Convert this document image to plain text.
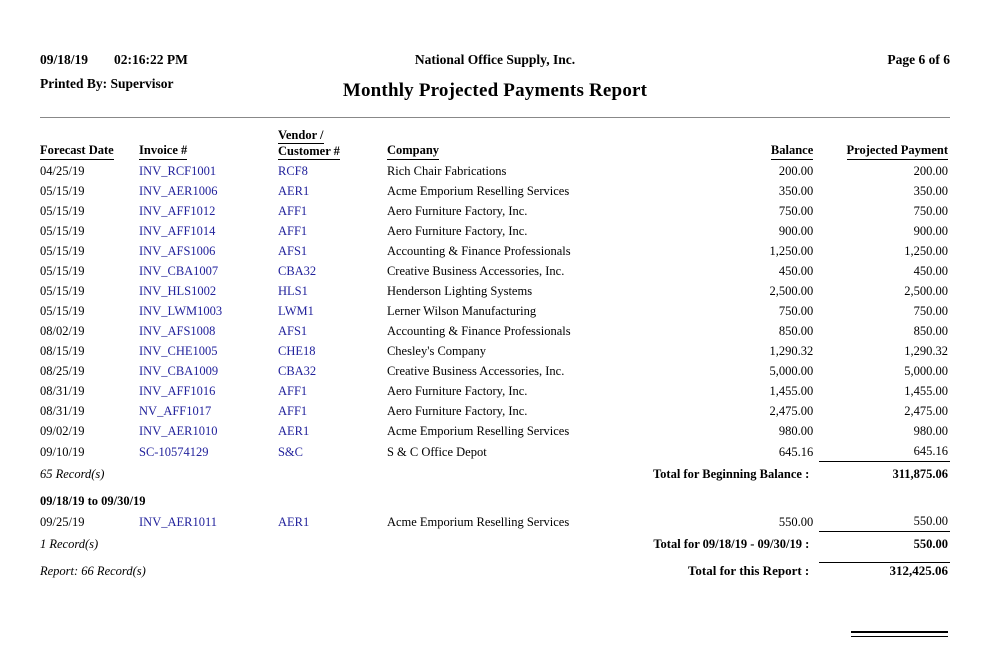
09/18/19 02:16:22 PM
Printed By: Supervisor
National Office Supply, Inc.
Monthly Projected Payments Report
Page 6 of 6
Forecast Date	Invoice #	Vendor /
Customer #	Company	Balance	Projected Payment
04/25/19	INV_RCF1001	RCF8	Rich Chair Fabrications	200.00	200.00
05/15/19	INV_AER1006	AER1	Acme Emporium Reselling Services	350.00	350.00
05/15/19	INV_AFF1012	AFF1	Aero Furniture Factory, Inc.	750.00	750.00
05/15/19	INV_AFF1014	AFF1	Aero Furniture Factory, Inc.	900.00	900.00
05/15/19	INV_AFS1006	AFS1	Accounting & Finance Professionals	1,250.00	1,250.00
05/15/19	INV_CBA1007	CBA32	Creative Business Accessories, Inc.	450.00	450.00
05/15/19	INV_HLS1002	HLS1	Henderson Lighting Systems	2,500.00	2,500.00
05/15/19	INV_LWM1003	LWM1	Lerner Wilson Manufacturing	750.00	750.00
08/02/19	INV_AFS1008	AFS1	Accounting & Finance Professionals	850.00	850.00
08/15/19	INV_CHE1005	CHE18	Chesley's Company	1,290.32	1,290.32
08/25/19	INV_CBA1009	CBA32	Creative Business Accessories, Inc.	5,000.00	5,000.00
08/31/19	INV_AFF1016	AFF1	Aero Furniture Factory, Inc.	1,455.00	1,455.00
08/31/19	NV_AFF1017	AFF1	Aero Furniture Factory, Inc.	2,475.00	2,475.00
09/02/19	INV_AER1010	AER1	Acme Emporium Reselling Services	980.00	980.00
09/10/19	SC-10574129	S&C	S & C Office Depot	645.16	645.16
65 Record(s)		Total for Beginning Balance :			311,875.06
09/18/19 to 09/30/19					
09/25/19	INV_AER1011	AER1	Acme Emporium Reselling Services	550.00	550.00
1 Record(s)		Total for 09/18/19 - 09/30/19 :			550.00

Report: 66 Record(s)		Total for this Report :			312,425.06
